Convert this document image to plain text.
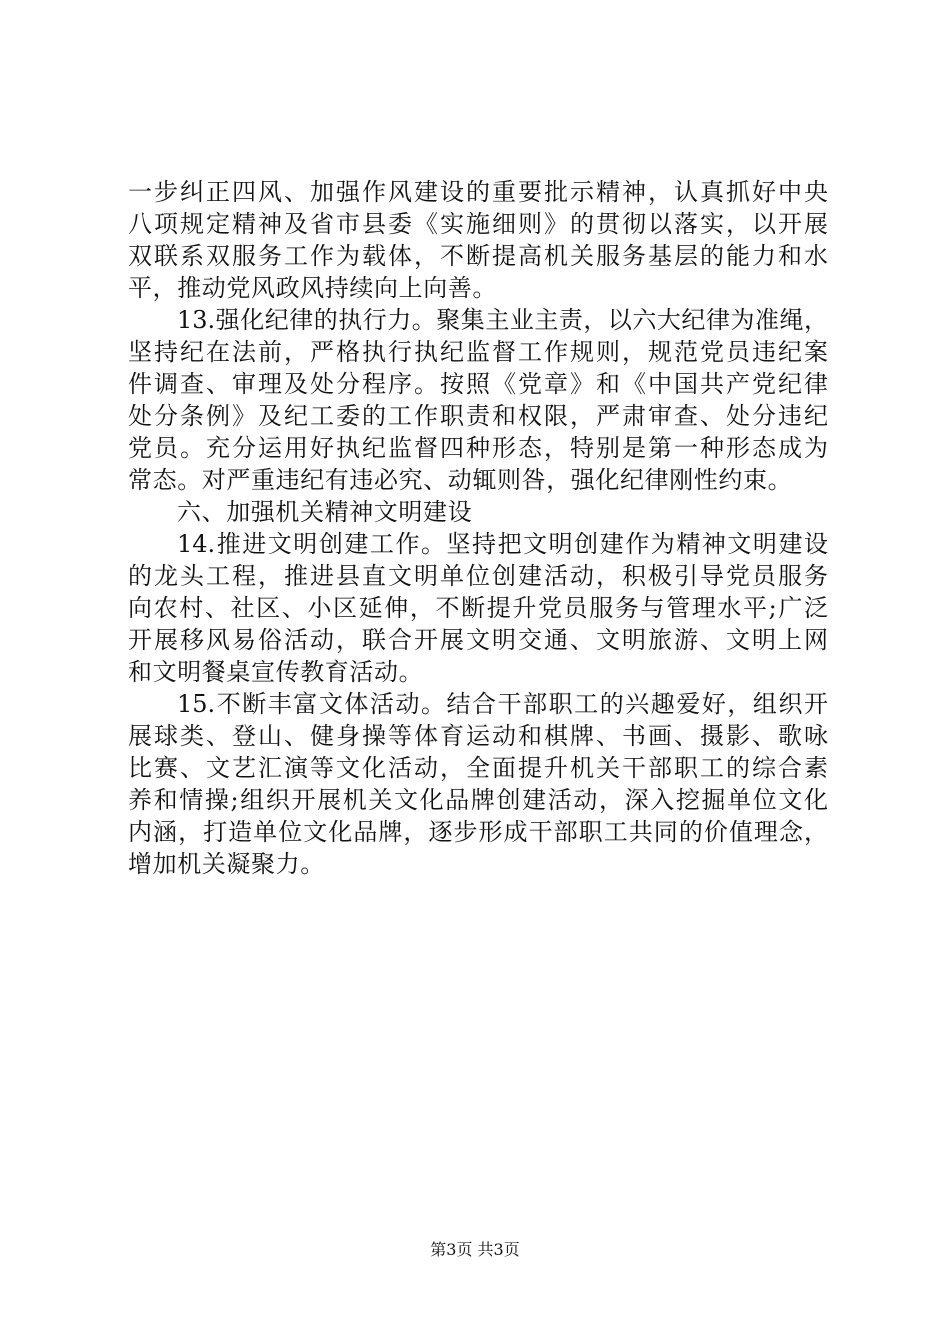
一步纠正四风、加强作风建设的重要批示精神，认真抓好中央
八项规定精神及省市县委《实施细则》的贯彻以落实，以开展
双联系双服务工作为载体，不断提高机关服务基层的能力和水
平，推动党风政风持续向上向善。
13.强化纪律的执行力。聚集主业主责，以六大纪律为准绳，
坚持纪在法前，严格执行执纪监督工作规则，规范党员违纪案
件调查、审理及处分程序。按照《党章》和《中国共产党纪律
处分条例》及纪工委的工作职责和权限，严肃审查、处分违纪
党员。充分运用好执纪监督四种形态，特别是第一种形态成为
常态。对严重违纪有违必究、动辄则咎，强化纪律刚性约束。
六、加强机关精神文明建设
14.推进文明创建工作。坚持把文明创建作为精神文明建设
的龙头工程，推进县直文明单位创建活动，积极引导党员服务
向农村、社区、小区延伸，不断提升党员服务与管理水平;广泛
开展移风易俗活动，联合开展文明交通、文明旅游、文明上网
和文明餐桌宣传教育活动。
15.不断丰富文体活动。结合干部职工的兴趣爱好，组织开
展球类、登山、健身操等体育运动和棋牌、书画、摄影、歌咏
比赛、文艺汇演等文化活动，全面提升机关干部职工的综合素
养和情操;组织开展机关文化品牌创建活动，深入挖掘单位文化
内涵，打造单位文化品牌，逐步形成干部职工共同的价值理念，
增加机关凝聚力。
第3页 共3页
